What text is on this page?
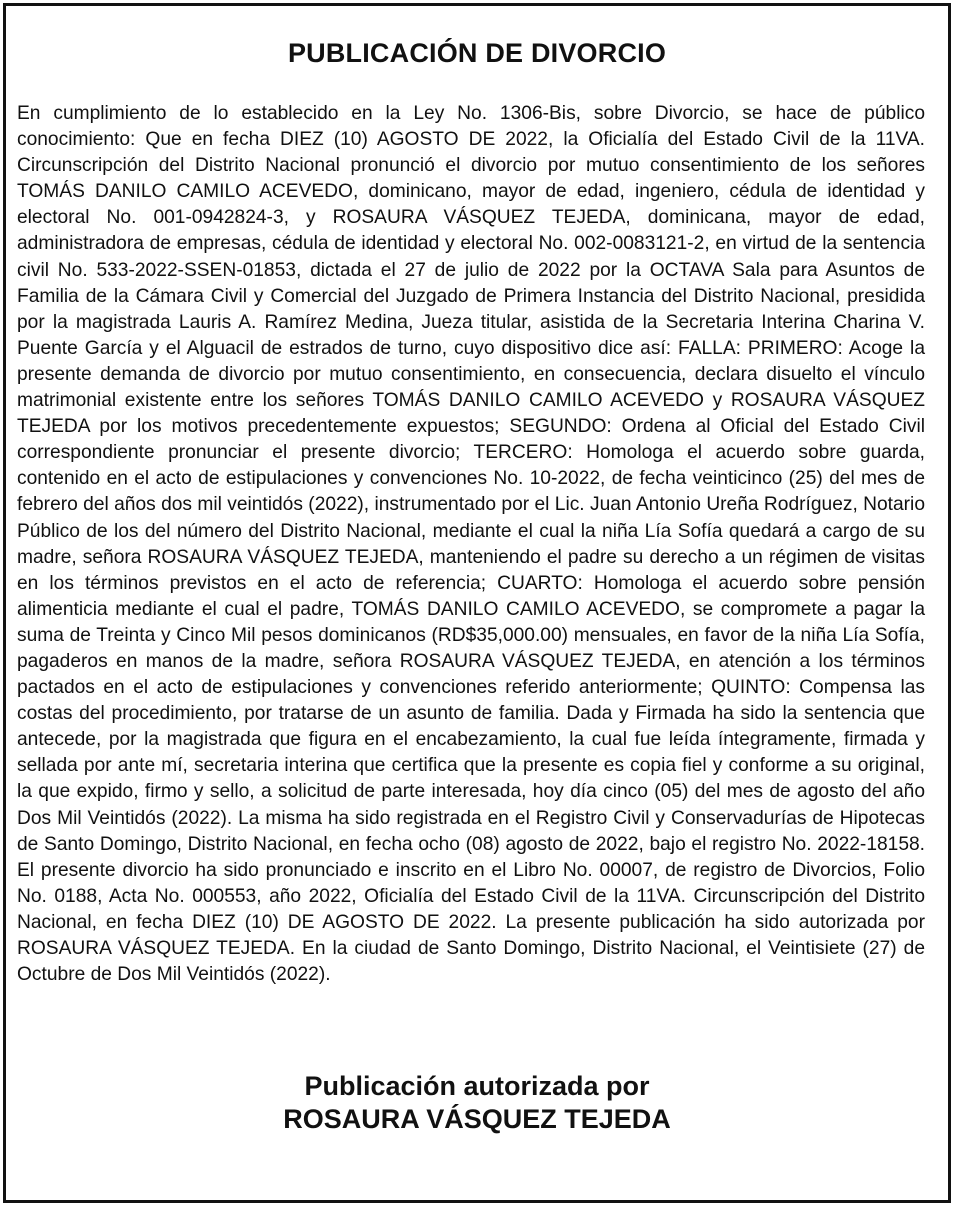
PUBLICACIÓN DE DIVORCIO

En cumplimiento de lo establecido en la Ley No. 1306-Bis, sobre Divorcio, se hace de público conocimiento: Que en fecha DIEZ (10) AGOSTO DE 2022, la Oficialía del Estado Civil de la 11VA. Circunscripción del Distrito Nacional pronunció el divorcio por mutuo consentimiento de los señores TOMÁS DANILO CAMILO ACEVEDO, dominicano, mayor de edad, ingeniero, cédula de identidad y electoral No. 001-0942824-3, y ROSAURA VÁSQUEZ TEJEDA, dominicana, mayor de edad, administradora de empresas, cédula de identidad y electoral No. 002-0083121-2, en virtud de la sentencia civil No. 533-2022-SSEN-01853, dictada el 27 de julio de 2022 por la OCTAVA Sala para Asuntos de Familia de la Cámara Civil y Comercial del Juzgado de Primera Instancia del Distrito Nacional, presidida por la magistrada Lauris A. Ramírez Medina, Jueza titular, asistida de la Secretaria Interina Charina V. Puente García y el Alguacil de estrados de turno, cuyo dispositivo dice así: FALLA: PRIMERO: Acoge la presente demanda de divorcio por mutuo consentimiento, en consecuencia, declara disuelto el vínculo matrimonial existente entre los señores TOMÁS DANILO CAMILO ACEVEDO y ROSAURA VÁSQUEZ TEJEDA por los motivos precedentemente expuestos; SEGUNDO: Ordena al Oficial del Estado Civil correspondiente pronunciar el presente divorcio; TERCERO: Homologa el acuerdo sobre guarda, contenido en el acto de estipulaciones y convenciones No. 10-2022, de fecha veinticinco (25) del mes de febrero del años dos mil veintidós (2022), instrumentado por el Lic. Juan Antonio Ureña Rodríguez, Notario Público de los del número del Distrito Nacional, mediante el cual la niña Lía Sofía quedará a cargo de su madre, señora ROSAURA VÁSQUEZ TEJEDA, manteniendo el padre su derecho a un régimen de visitas en los términos previstos en el acto de referencia; CUARTO: Homologa el acuerdo sobre pensión alimenticia mediante el cual el padre, TOMÁS DANILO CAMILO ACEVEDO, se compromete a pagar la suma de Treinta y Cinco Mil pesos dominicanos (RD$35,000.00) mensuales, en favor de la niña Lía Sofía, pagaderos en manos de la madre, señora ROSAURA VÁSQUEZ TEJEDA, en atención a los términos pactados en el acto de estipulaciones y convenciones referido anteriormente; QUINTO: Compensa las costas del procedimiento, por tratarse de un asunto de familia. Dada y Firmada ha sido la sentencia que antecede, por la magistrada que figura en el encabezamiento, la cual fue leída íntegramente, firmada y sellada por ante mí, secretaria interina que certifica que la presente es copia fiel y conforme a su original, la que expido, firmo y sello, a solicitud de parte interesada, hoy día cinco (05) del mes de agosto del año Dos Mil Veintidós (2022). La misma ha sido registrada en el Registro Civil y Conservadurías de Hipotecas de Santo Domingo, Distrito Nacional, en fecha ocho (08) agosto de 2022, bajo el registro No. 2022-18158. El presente divorcio ha sido pronunciado e inscrito en el Libro No. 00007, de registro de Divorcios, Folio No. 0188, Acta No. 000553, año 2022, Oficialía del Estado Civil de la 11VA. Circunscripción del Distrito Nacional, en fecha DIEZ (10) DE AGOSTO DE 2022. La presente publicación ha sido autorizada por ROSAURA VÁSQUEZ TEJEDA. En la ciudad de Santo Domingo, Distrito Nacional, el Veintisiete (27) de Octubre de Dos Mil Veintidós (2022).

Publicación autorizada por
ROSAURA VÁSQUEZ TEJEDA
